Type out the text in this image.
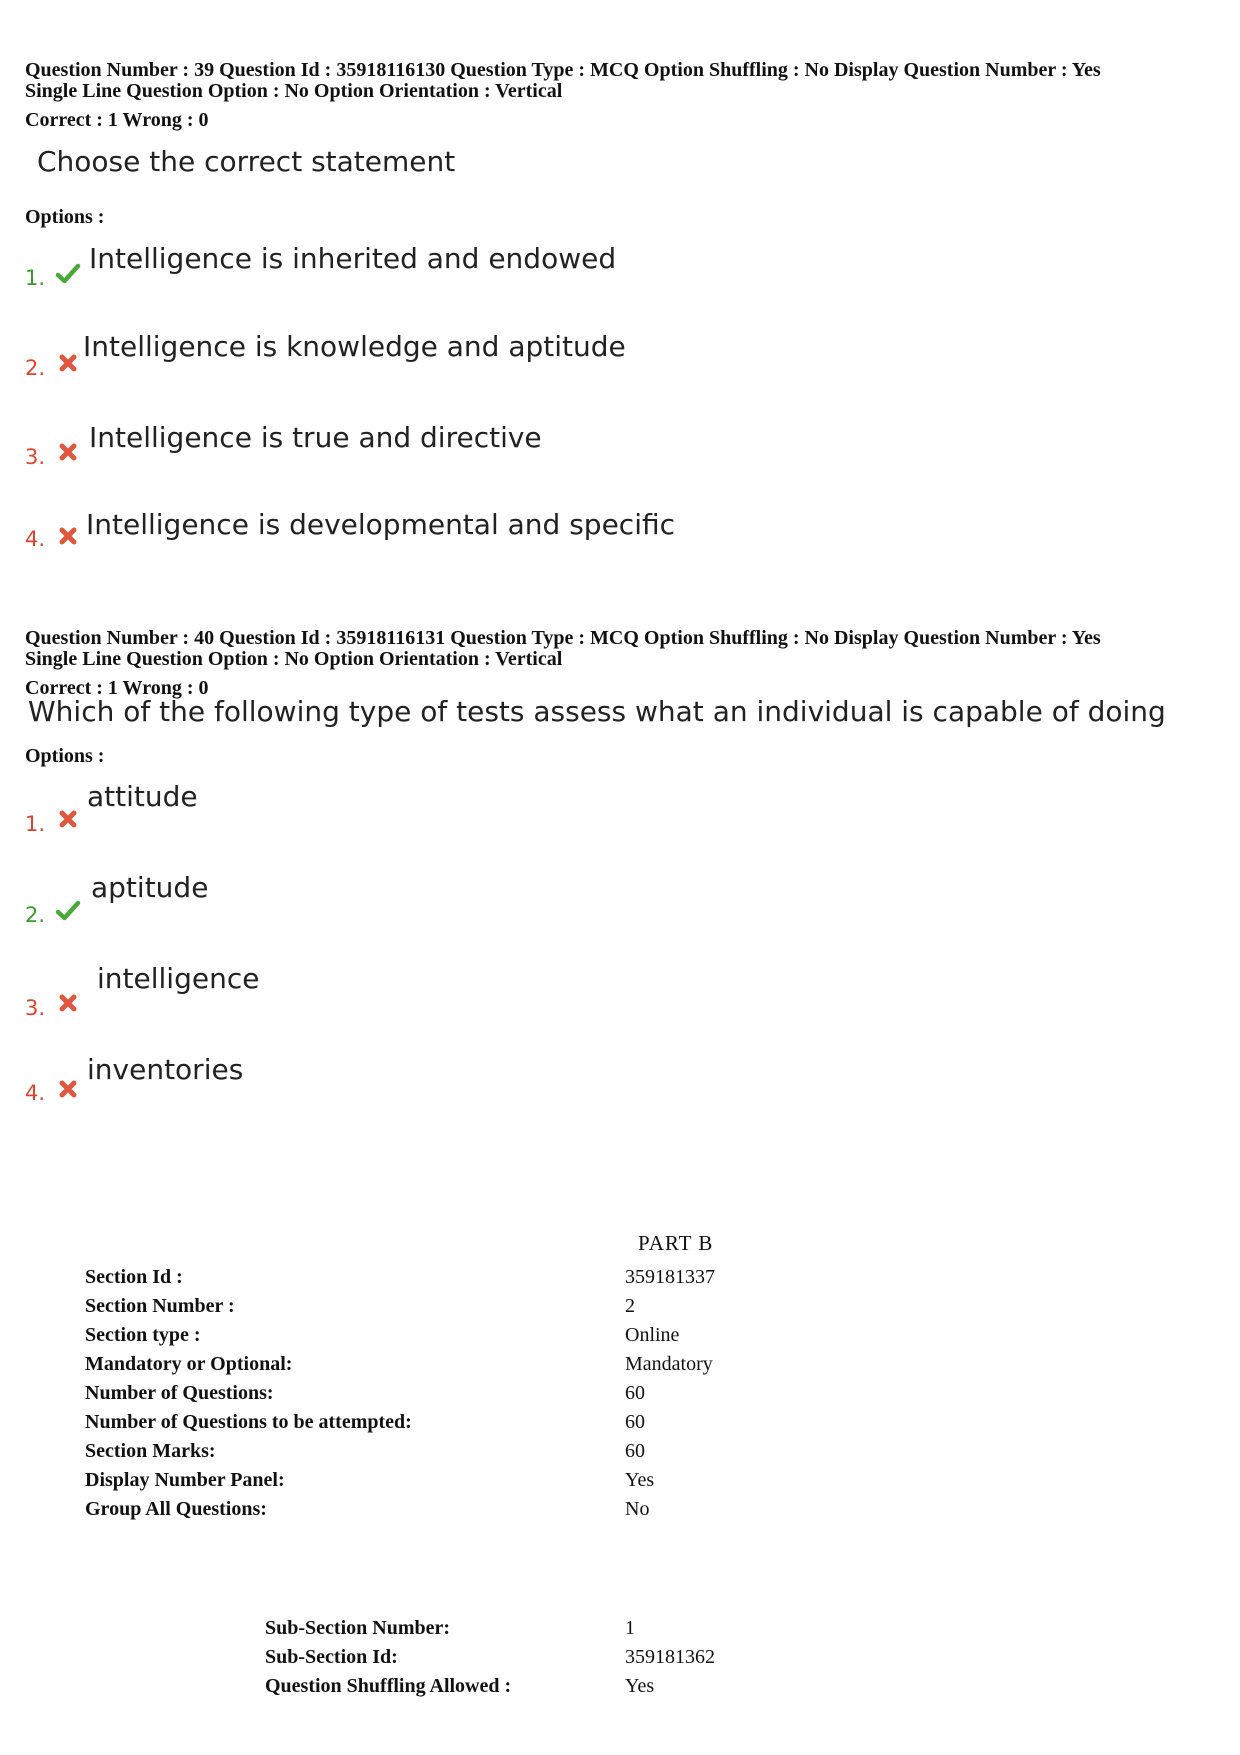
Question Number : 39 Question Id : 35918116130 Question Type : MCQ Option Shuffling : No Display Question Number : Yes

Single Line Question Option : No Option Orientation : Vertical

Correct : 1 Wrong : 0

Choose the correct statement

Options :
1.
Intelligence is inherited and endowed
2.
Intelligence is knowledge and aptitude
3.
Intelligence is true and directive
4. Intelligence is developmental and specific

Question Number : 40 Question Id : 35918116131 Question Type : MCQ Option Shuffling : No Display Question Number : Yes

Single Line Question Option : No Option Orientation : Vertical

Correct : 1 Wrong : 0

Which of the following type of tests assess what an individual is capable of doing

Options :
1.
attitude
2.
aptitude
3.
intelligence
4.
inventories
PART B
Section Id :	359181337
Section Number :	2
Section type :	Online
Mandatory or Optional:	Mandatory
Number of Questions:	60
Number of Questions to be attempted:	60
Section Marks:	60
Display Number Panel:	Yes
Group All Questions:	No
Sub-Section Number:	1
Sub-Section Id:	359181362
Question Shuffling Allowed :	Yes
